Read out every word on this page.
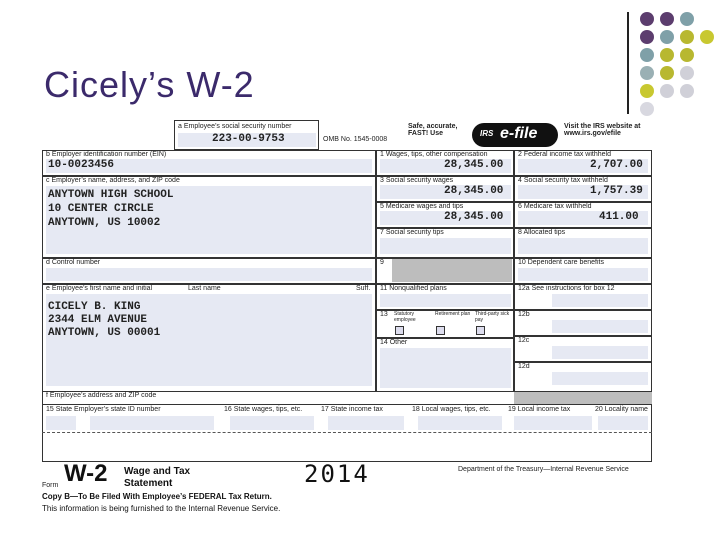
Cicely’s W-2
a Employee’s social security number
223-00-9753	OMB No. 1545-0008
Safe, accurate, FAST! Use	IRS e-file	Visit the IRS website at www.irs.gov/efile
b Employer identification number (EIN)
10-0023456
c Employer’s name, address, and ZIP code
ANYTOWN HIGH SCHOOL
10 CENTER CIRCLE
ANYTOWN, US 10002
d Control number
e Employee’s first name and initial	Last name	Suff.
CICELY B. KING
2344 ELM AVENUE
ANYTOWN, US 00001
f Employee’s address and ZIP code
1 Wages, tips, other compensation
28,345.00
3 Social security wages
28,345.00
5 Medicare wages and tips
28,345.00
7 Social security tips
9
11 Nonqualified plans
13 Statutory employee
Retirement plan Third-party sick pay
14 Other
2 Federal income tax withheld
2,707.00
4 Social security tax withheld
1,757.39
6 Medicare tax withheld
411.00
8 Allocated tips
10 Dependent care benefits
12a See instructions for box 12
12b
12c
12d
15 State Employer’s state ID number	16 State wages, tips, etc.	17 State income tax	18 Local wages, tips, etc. 19 Local income tax	20 Locality name
Form W-2 Wage and Tax
Statement	2014	Department of the Treasury—Internal Revenue Service
Copy B—To Be Filed With Employee’s FEDERAL Tax Return.
This information is being furnished to the Internal Revenue Service.
